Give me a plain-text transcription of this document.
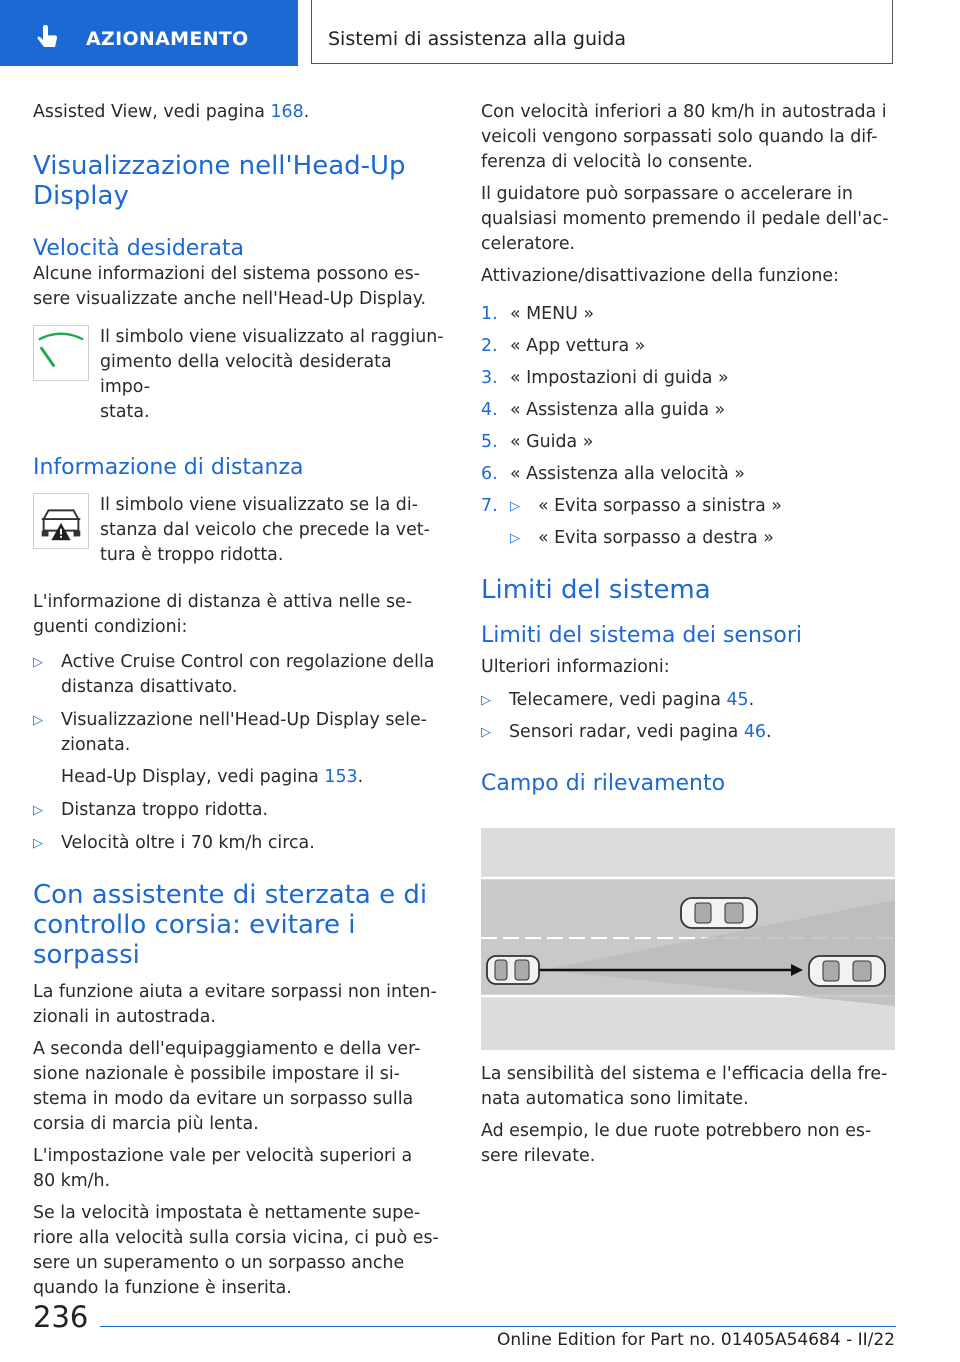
AZIONAMENTO	Sistemi di assistenza alla guida

Assisted View, vedi pagina 168.

Visualizzazione nell'Head-Up
Display
Velocità desiderata

Alcune informazioni del sistema possono es-
sere visualizzate anche nell'Head-Up Display.

Il simbolo viene visualizzato al raggiun-
gimento della velocità desiderata impo-
stata.

Informazione di distanza

Il simbolo viene visualizzato se la di-
stanza dal veicolo che precede la vet-
tura è troppo ridotta.

L'informazione di distanza è attiva nelle se-
guenti condizioni:

▷	Active Cruise Control con regolazione della
distanza disattivato.

▷	Visualizzazione nell'Head-Up Display sele-
zionata.

Head-Up Display, vedi pagina 153.

▷	Distanza troppo ridotta.

▷	Velocità oltre i 70 km/h circa.

Con assistente di sterzata e di
controllo corsia: evitare i sorpassi

La funzione aiuta a evitare sorpassi non inten-
zionali in autostrada.

A seconda dell'equipaggiamento e della ver-
sione nazionale è possibile impostare il si-
stema in modo da evitare un sorpasso sulla
corsia di marcia più lenta.

L'impostazione vale per velocità superiori a
80 km/h.

Se la velocità impostata è nettamente supe-
riore alla velocità sulla corsia vicina, ci può es-
sere un superamento o un sorpasso anche
quando la funzione è inserita.

Con velocità inferiori a 80 km/h in autostrada i
veicoli vengono sorpassati solo quando la dif-
ferenza di velocità lo consente.

Il guidatore può sorpassare o accelerare in
qualsiasi momento premendo il pedale dell'ac-
celeratore.

Attivazione/disattivazione della funzione:

1. « MENU »

2. « App vettura »

3. « Impostazioni di guida »

4. « Assistenza alla guida »

5. « Guida »

6. « Assistenza alla velocità »

7. ▷	« Evita sorpasso a sinistra »

▷	« Evita sorpasso a destra »

Limiti del sistema
Limiti del sistema dei sensori

Ulteriori informazioni:

▷	Telecamere, vedi pagina 45.

▷	Sensori radar, vedi pagina 46.

Campo di rilevamento

La sensibilità del sistema e l'efficacia della fre-
nata automatica sono limitate.

Ad esempio, le due ruote potrebbero non es-
sere rilevate.

236
Online Edition for Part no. 01405A54684 - II/22
